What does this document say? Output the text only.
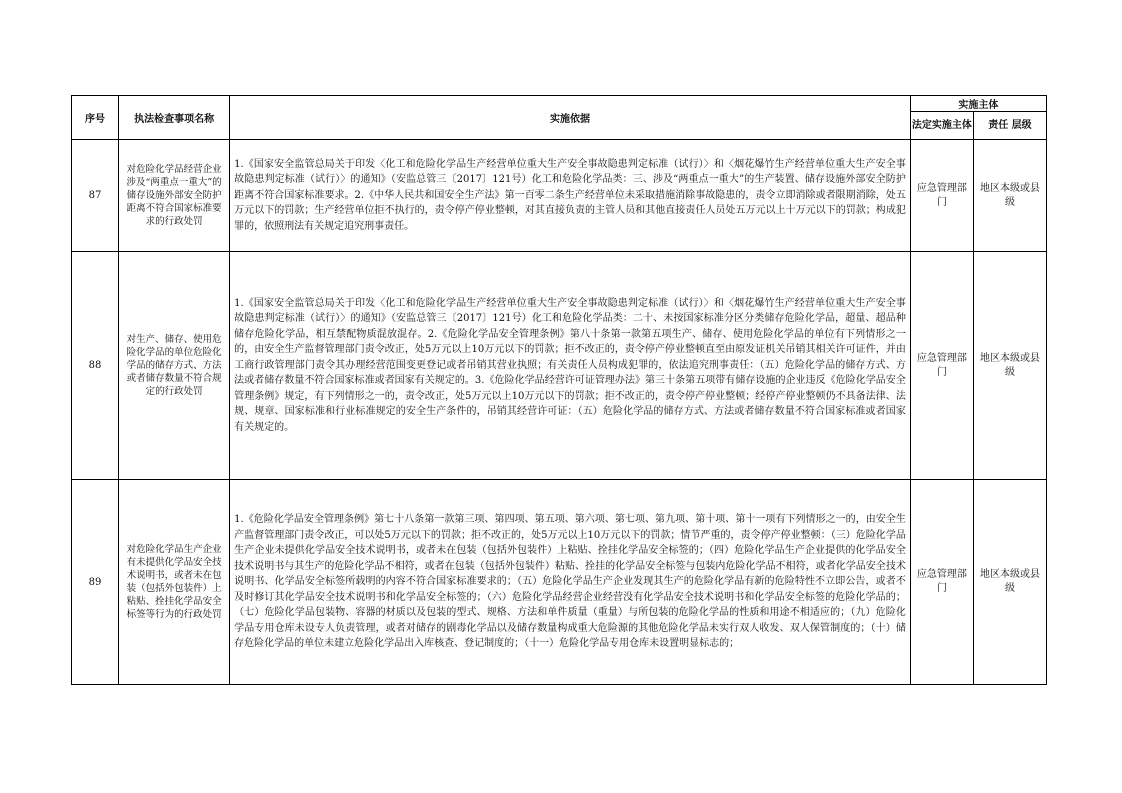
序号	执法检查事项名称	实施依据	实施主体	
			法定实施主体	责任 层级
87	对危险化学品经营企业涉及“两重点一重大”的储存设施外部安全防护距离不符合国家标准要求的行政处罚	1.《国家安全监管总局关于印发〈化工和危险化学品生产经营单位重大生产安全事故隐患判定标准（试行）〉和〈烟花爆竹生产经营单位重大生产安全事故隐患判定标准（试行）〉的通知》（安监总管三〔2017〕121号）化工和危险化学品类：三、涉及“两重点一重大”的生产装置、储存设施外部安全防护距离不符合国家标准要求。2.《中华人民共和国安全生产法》第一百零二条生产经营单位未采取措施消除事故隐患的，责令立即消除或者限期消除，处五万元以下的罚款；生产经营单位拒不执行的，责令停产停业整顿，对其直接负责的主管人员和其他直接责任人员处五万元以上十万元以下的罚款；构成犯罪的，依照刑法有关规定追究刑事责任。	应急管理部门	地区本级或县级
88	对生产、储存、使用危险化学品的单位危险化学品的储存方式、方法或者储存数量不符合规定的行政处罚	1.《国家安全监管总局关于印发〈化工和危险化学品生产经营单位重大生产安全事故隐患判定标准（试行）〉和〈烟花爆竹生产经营单位重大生产安全事故隐患判定标准（试行）〉的通知》（安监总管三〔2017〕121号）化工和危险化学品类：二十、未按国家标准分区分类储存危险化学品，超量、超品种储存危险化学品，相互禁配物质混放混存。2.《危险化学品安全管理条例》第八十条第一款第五项生产、储存、使用危险化学品的单位有下列情形之一的，由安全生产监督管理部门责令改正，处5万元以上10万元以下的罚款；拒不改正的，责令停产停业整顿直至由原发证机关吊销其相关许可证件，并由工商行政管理部门责令其办理经营范围变更登记或者吊销其营业执照；有关责任人员构成犯罪的，依法追究刑事责任：（五）危险化学品的储存方式、方法或者储存数量不符合国家标准或者国家有关规定的。3.《危险化学品经营许可证管理办法》第三十条第五项带有储存设施的企业违反《危险化学品安全管理条例》规定，有下列情形之一的，责令改正，处5万元以上10万元以下的罚款；拒不改正的，责令停产停业整顿；经停产停业整顿仍不具备法律、法规、规章、国家标准和行业标准规定的安全生产条件的，吊销其经营许可证：（五）危险化学品的储存方式、方法或者储存数量不符合国家标准或者国家有关规定的。	应急管理部门	地区本级或县级
89	对危险化学品生产企业有未提供化学品安全技术说明书，或者未在包装（包括外包装件）上粘贴、拴挂化学品安全标签等行为的行政处罚	1.《危险化学品安全管理条例》第七十八条第一款第三项、第四项、第五项、第六项、第七项、第九项、第十项、第十一项有下列情形之一的，由安全生产监督管理部门责令改正，可以处5万元以下的罚款；拒不改正的，处5万元以上10万元以下的罚款；情节严重的，责令停产停业整顿：（三）危险化学品生产企业未提供化学品安全技术说明书，或者未在包装（包括外包装件）上粘贴、拴挂化学品安全标签的；（四）危险化学品生产企业提供的化学品安全技术说明书与其生产的危险化学品不相符，或者在包装（包括外包装件）粘贴、拴挂的化学品安全标签与包装内危险化学品不相符，或者化学品安全技术说明书、化学品安全标签所载明的内容不符合国家标准要求的；（五）危险化学品生产企业发现其生产的危险化学品有新的危险特性不立即公告，或者不及时修订其化学品安全技术说明书和化学品安全标签的；（六）危险化学品经营企业经营没有化学品安全技术说明书和化学品安全标签的危险化学品的；（七）危险化学品包装物、容器的材质以及包装的型式、规格、方法和单件质量（重量）与所包装的危险化学品的性质和用途不相适应的；（九）危险化学品专用仓库未设专人负责管理，或者对储存的剧毒化学品以及储存数量构成重大危险源的其他危险化学品未实行双人收发、双人保管制度的；（十）储存危险化学品的单位未建立危险化学品出入库核查、登记制度的；（十一）危险化学品专用仓库未设置明显标志的；	应急管理部门	地区本级或县级
